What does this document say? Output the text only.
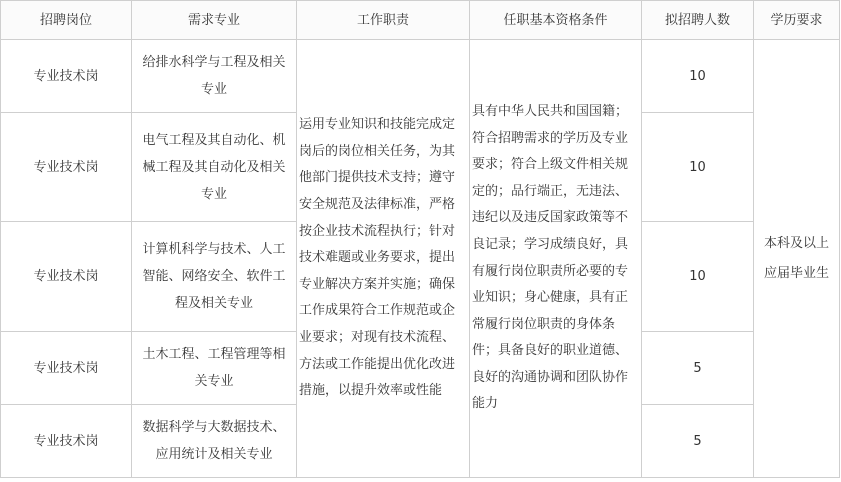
招聘岗位	需求专业	工作职责	任职基本资格条件	拟招聘人数	学历要求
专业技术岗	给排水科学与工程及相关专业	运用专业知识和技能完成定岗后的岗位相关任务，为其他部门提供技术支持；遵守安全规范及法律标准，严格按企业技术流程执行；针对技术难题或业务要求，提出专业解决方案并实施；确保工作成果符合工作规范或企业要求；对现有技术流程、方法或工作能提出优化改进措施，以提升效率或性能	具有中华人民共和国国籍；符合招聘需求的学历及专业要求；符合上级文件相关规定的；品行端正，无违法、违纪以及违反国家政策等不良记录；学习成绩良好，具有履行岗位职责所必要的专业知识；身心健康，具有正常履行岗位职责的身体条件；具备良好的职业道德、良好的沟通协调和团队协作能力	10	本科及以上应届毕业生
专业技术岗	电气工程及其自动化、机械工程及其自动化及相关专业			10	
专业技术岗	计算机科学与技术、人工智能、网络安全、软件工程及相关专业			10	
专业技术岗	土木工程、工程管理等相关专业			5	
专业技术岗	数据科学与大数据技术、应用统计及相关专业			5	
